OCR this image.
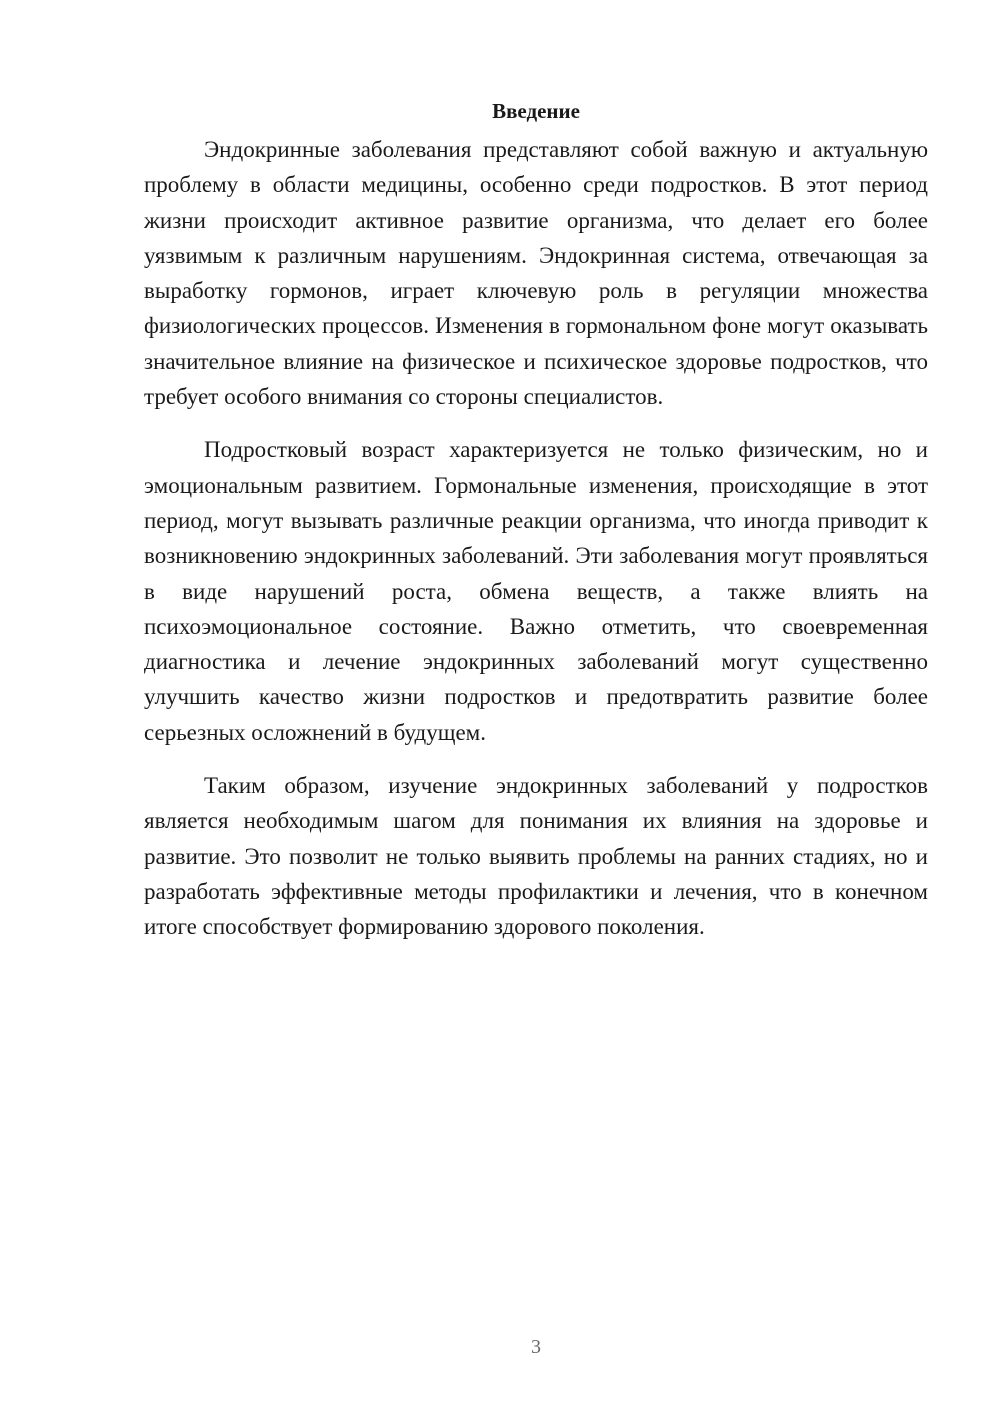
Введение

Эндокринные заболевания представляют собой важную и актуальную проблему в области медицины, особенно среди подростков. В этот период жизни происходит активное развитие организма, что делает его более уязвимым к различным нарушениям. Эндокринная система, отвечающая за выработку гормонов, играет ключевую роль в регуляции множества физиологических процессов. Изменения в гормональном фоне могут оказывать значительное влияние на физическое и психическое здоровье подростков, что требует особого внимания со стороны специалистов.

Подростковый возраст характеризуется не только физическим, но и эмоциональным развитием. Гормональные изменения, происходящие в этот период, могут вызывать различные реакции организма, что иногда приводит к возникновению эндокринных заболеваний. Эти заболевания могут проявляться в виде нарушений роста, обмена веществ, а также влиять на психоэмоциональное состояние. Важно отметить, что своевременная диагностика и лечение эндокринных заболеваний могут существенно улучшить качество жизни подростков и предотвратить развитие более серьезных осложнений в будущем.

Таким образом, изучение эндокринных заболеваний у подростков является необходимым шагом для понимания их влияния на здоровье и развитие. Это позволит не только выявить проблемы на ранних стадиях, но и разработать эффективные методы профилактики и лечения, что в конечном итоге способствует формированию здорового поколения.

3
